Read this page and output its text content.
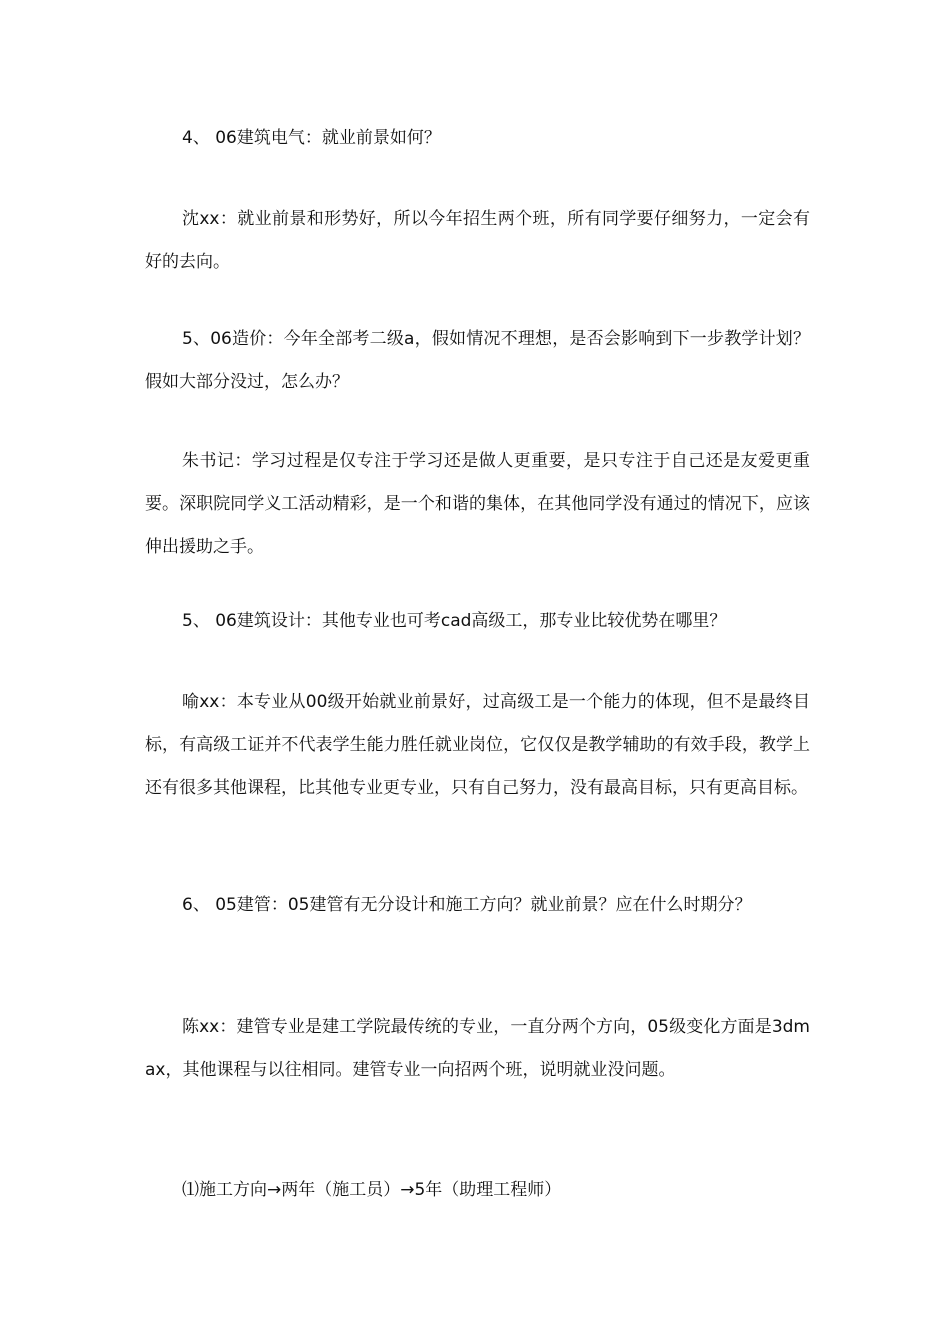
4、 06建筑电气：就业前景如何？

沈xx：就业前景和形势好，所以今年招生两个班，所有同学要仔细努力，一定会有好的去向。

5、06造价：今年全部考二级a，假如情况不理想，是否会影响到下一步教学计划？假如大部分没过，怎么办？

朱书记：学习过程是仅专注于学习还是做人更重要，是只专注于自己还是友爱更重要。深职院同学义工活动精彩，是一个和谐的集体，在其他同学没有通过的情况下，应该伸出援助之手。

5、 06建筑设计：其他专业也可考cad高级工，那专业比较优势在哪里？

喻xx：本专业从00级开始就业前景好，过高级工是一个能力的体现，但不是最终目标，有高级工证并不代表学生能力胜任就业岗位，它仅仅是教学辅助的有效手段，教学上还有很多其他课程，比其他专业更专业，只有自己努力，没有最高目标，只有更高目标。

6、 05建管：05建管有无分设计和施工方向？就业前景？应在什么时期分？

陈xx：建管专业是建工学院最传统的专业，一直分两个方向，05级变化方面是3dmax，其他课程与以往相同。建管专业一向招两个班，说明就业没问题。

⑴施工方向→两年（施工员）→5年（助理工程师）
